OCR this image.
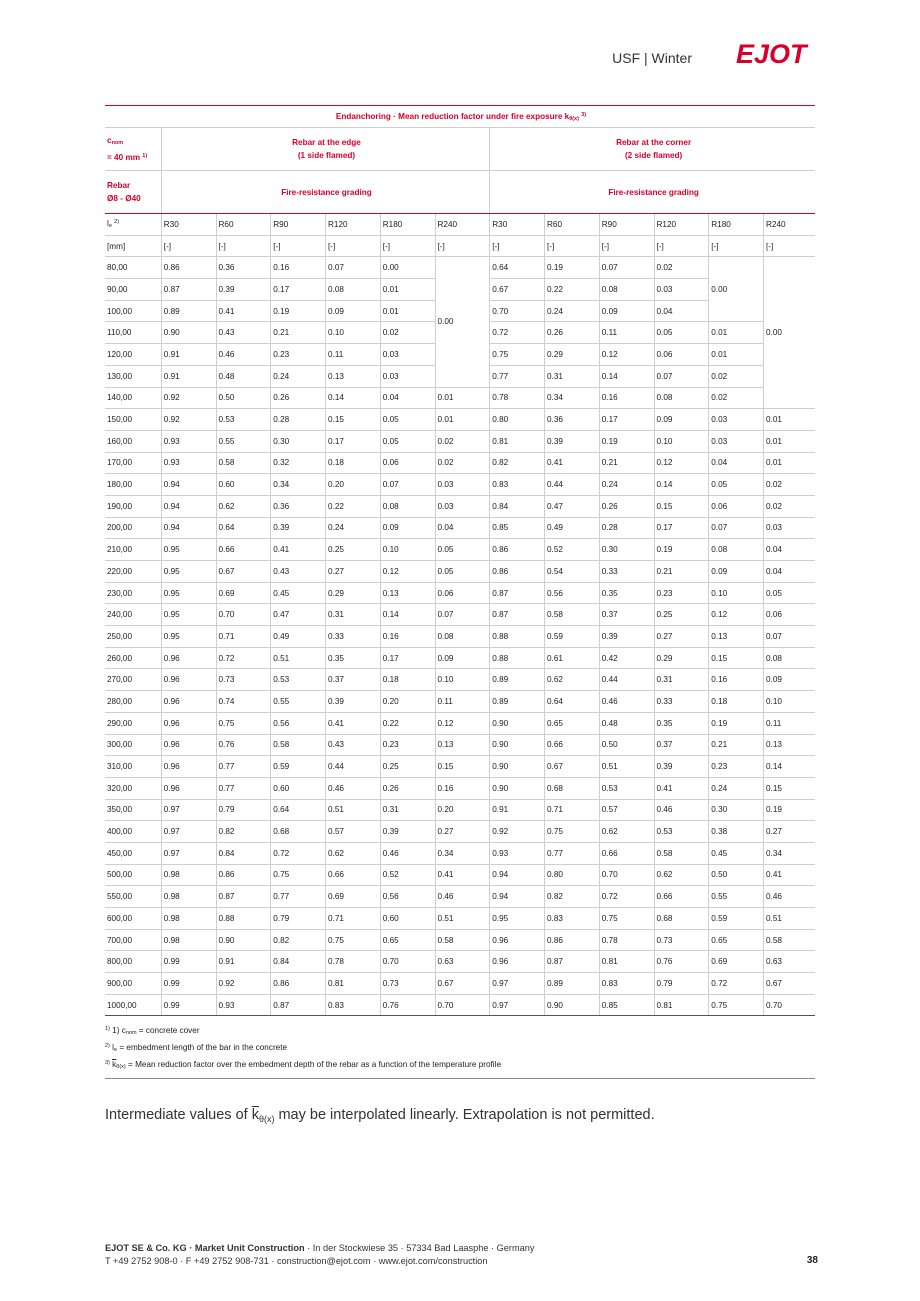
USF | Winter EJOT
Endanchoring · Mean reduction factor under fire exposure kθ(x) $^{3)}$
cnom
= 40 mm $^{1)}$	Rebar at the edge
(1 side flamed)						Rebar at the corner
(2 side flamed)					
Rebar
Ø8 - Ø40	Fire-resistance grading						Fire-resistance grading					
le $^{2)}$	R30	R60	R90	R120	R180	R240	R30	R60	R90	R120	R180	R240
[mm]	[-]	[-]	[-]	[-]	[-]	[-]	[-]	[-]	[-]	[-]	[-]	[-]
80,00	0.86	0.36	0.16	0.07	0.00	0.00	0.64	0.19	0.07	0.02	0.00	0.00
90,00	0.87	0.39	0.17	0.08	0.01		0.67	0.22	0.08	0.03		
100,00	0.89	0.41	0.19	0.09	0.01		0.70	0.24	0.09	0.04		
110,00	0.90	0.43	0.21	0.10	0.02		0.72	0.26	0.11	0.05	0.01	
120,00	0.91	0.46	0.23	0.11	0.03		0.75	0.29	0.12	0.06	0.01	
130,00	0.91	0.48	0.24	0.13	0.03		0.77	0.31	0.14	0.07	0.02	
140,00	0.92	0.50	0.26	0.14	0.04	0.01	0.78	0.34	0.16	0.08	0.02	
150,00	0.92	0.53	0.28	0.15	0.05	0.01	0.80	0.36	0.17	0.09	0.03	0.01
160,00	0.93	0.55	0.30	0.17	0.05	0.02	0.81	0.39	0.19	0.10	0.03	0.01
170,00	0.93	0.58	0.32	0.18	0.06	0.02	0.82	0.41	0.21	0.12	0.04	0.01
180,00	0.94	0.60	0.34	0.20	0.07	0.03	0.83	0.44	0.24	0.14	0.05	0.02
190,00	0.94	0.62	0.36	0.22	0.08	0.03	0.84	0.47	0.26	0.15	0.06	0.02
200,00	0.94	0.64	0.39	0.24	0.09	0.04	0.85	0.49	0.28	0.17	0.07	0.03
210,00	0.95	0.66	0.41	0.25	0.10	0.05	0.86	0.52	0.30	0.19	0.08	0.04
220,00	0.95	0.67	0.43	0.27	0.12	0.05	0.86	0.54	0.33	0.21	0.09	0.04
230,00	0.95	0.69	0.45	0.29	0.13	0.06	0.87	0.56	0.35	0.23	0.10	0.05
240,00	0.95	0.70	0.47	0.31	0.14	0.07	0.87	0.58	0.37	0.25	0.12	0.06
250,00	0.95	0.71	0.49	0.33	0.16	0.08	0.88	0.59	0.39	0.27	0.13	0.07
260,00	0.96	0.72	0.51	0.35	0.17	0.09	0.88	0.61	0.42	0.29	0.15	0.08
270,00	0.96	0.73	0.53	0.37	0.18	0.10	0.89	0.62	0.44	0.31	0.16	0.09
280,00	0.96	0.74	0.55	0.39	0.20	0.11	0.89	0.64	0.46	0.33	0.18	0.10
290,00	0.96	0.75	0.56	0.41	0.22	0.12	0.90	0.65	0.48	0.35	0.19	0.11
300,00	0.96	0.76	0.58	0.43	0.23	0.13	0.90	0.66	0.50	0.37	0.21	0.13
310,00	0.96	0.77	0.59	0.44	0.25	0.15	0.90	0.67	0.51	0.39	0.23	0.14
320,00	0.96	0.77	0.60	0.46	0.26	0.16	0.90	0.68	0.53	0.41	0.24	0.15
350,00	0.97	0.79	0.64	0.51	0.31	0.20	0.91	0.71	0.57	0.46	0.30	0.19
400,00	0.97	0.82	0.68	0.57	0.39	0.27	0.92	0.75	0.62	0.53	0.38	0.27
450,00	0.97	0.84	0.72	0.62	0.46	0.34	0.93	0.77	0.66	0.58	0.45	0.34
500,00	0.98	0.86	0.75	0.66	0.52	0.41	0.94	0.80	0.70	0.62	0.50	0.41
550,00	0.98	0.87	0.77	0.69	0.56	0.46	0.94	0.82	0.72	0.66	0.55	0.46
600,00	0.98	0.88	0.79	0.71	0.60	0.51	0.95	0.83	0.75	0.68	0.59	0.51
700,00	0.98	0.90	0.82	0.75	0.65	0.58	0.96	0.86	0.78	0.73	0.65	0.58
800,00	0.99	0.91	0.84	0.78	0.70	0.63	0.96	0.87	0.81	0.76	0.69	0.63
900,00	0.99	0.92	0.86	0.81	0.73	0.67	0.97	0.89	0.83	0.79	0.72	0.67
1000,00	0.99	0.93	0.87	0.83	0.76	0.70	0.97	0.90	0.85	0.81	0.75	0.70
$^{1)}$ 1) cnom = concrete cover
$^{2)}$ le = embedment length of the bar in the concrete
$^{3)}$ $\overline{k}\theta(x)$ = Mean reduction factor over the embedment depth of the rebar as a function of the temperature profile
Intermediate values of $\overline{k}_{\theta(x)}$ may be interpolated linearly. Extrapolation is not permitted.
EJOT SE & Co. KG · Market Unit Construction · In der Stockwiese 35 · 57334 Bad Laasphe · Germany
T +49 2752 908-0 · F +49 2752 908-731 · construction@ejot.com · www.ejot.com/construction	38
